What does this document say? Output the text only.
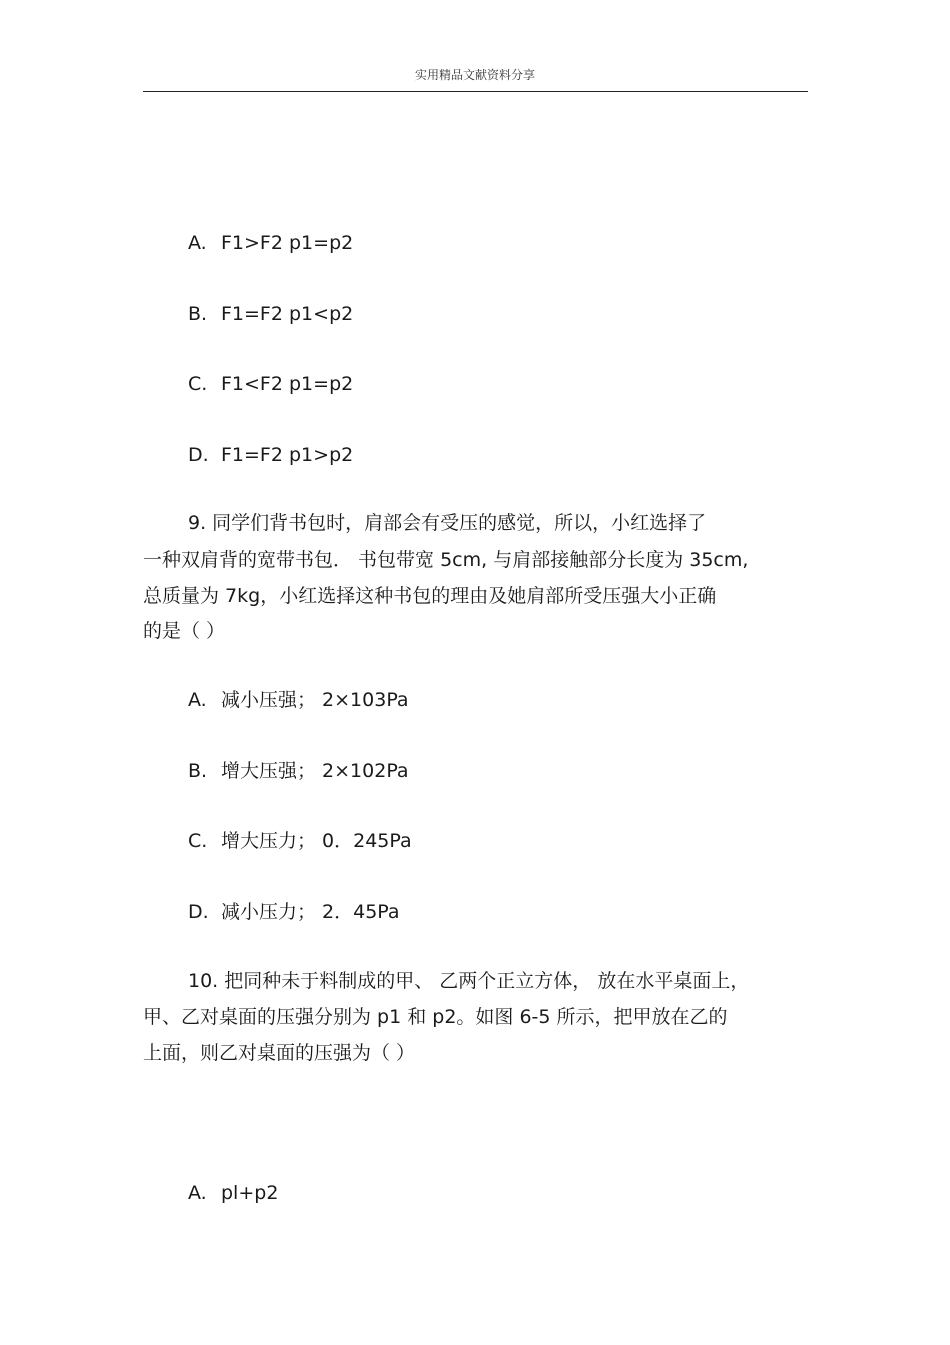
实用精品文献资料分享
A. F1>F2 p1=p2
B. F1=F2 p1<p2
C. F1<F2 p1=p2
D. F1=F2 p1>p2
9. 同学们背书包时，肩部会有受压的感觉，所以，小红选择了
一种双肩背的宽带书包． 书包带宽 5cm, 与肩部接触部分长度为 35cm,
总质量为 7kg，小红选择这种书包的理由及她肩部所受压强大小正确
的是（ ）
A. 减小压强； 2×103Pa
B. 增大压强； 2×102Pa
C. 增大压力； 0．245Pa
D. 减小压力； 2．45Pa
10. 把同种未于料制成的甲、 乙两个正立方体， 放在水平桌面上，
甲、乙对桌面的压强分别为 p1 和 p2。如图 6-5 所示，把甲放在乙的
上面，则乙对桌面的压强为（ ）
A. pl+p2
